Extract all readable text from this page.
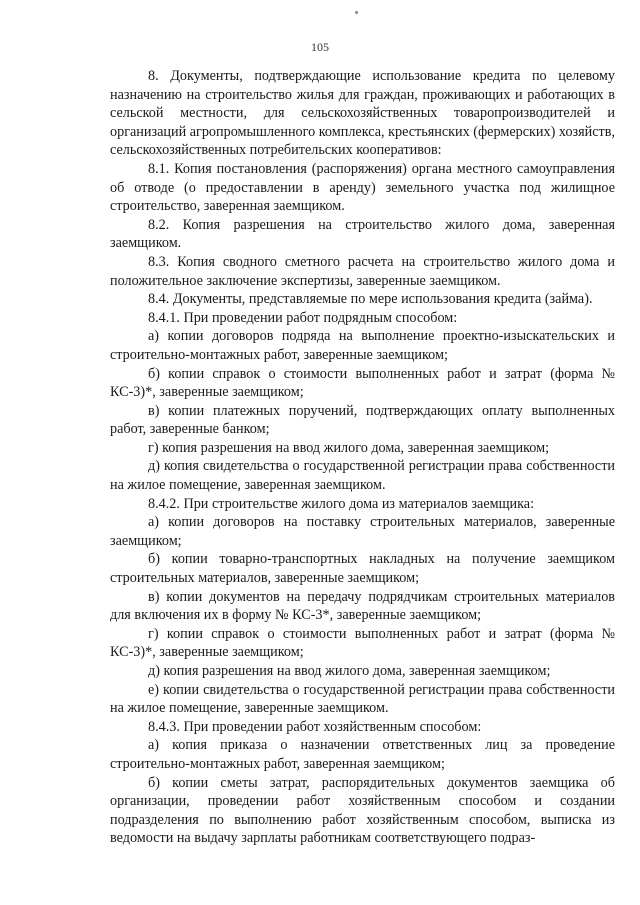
105

8. Документы, подтверждающие использование кредита по целевому назначению на строительство жилья для граждан, проживающих и работающих в сельской местности, для сельскохозяйственных товаропроизводителей и организаций агропромышленного комплекса, крестьянских (фермерских) хозяйств, сельскохозяйственных потребительских кооперативов:

8.1. Копия постановления (распоряжения) органа местного самоуправления об отводе (о предоставлении в аренду) земельного участка под жилищное строительство, заверенная заемщиком.

8.2. Копия разрешения на строительство жилого дома, заверенная заемщиком.

8.3. Копия сводного сметного расчета на строительство жилого дома и положительное заключение экспертизы, заверенные заемщиком.

8.4. Документы, представляемые по мере использования кредита (займа).

8.4.1. При проведении работ подрядным способом:

а) копии договоров подряда на выполнение проектно-изыскательских и строительно-монтажных работ, заверенные заемщиком;

б) копии справок о стоимости выполненных работ и затрат (форма № КС-3)*, заверенные заемщиком;

в) копии платежных поручений, подтверждающих оплату выполненных работ, заверенные банком;

г) копия разрешения на ввод жилого дома, заверенная заемщиком;

д) копия свидетельства о государственной регистрации права собственности на жилое помещение, заверенная заемщиком.

8.4.2. При строительстве жилого дома из материалов заемщика:

а) копии договоров на поставку строительных материалов, заверенные заемщиком;

б) копии товарно-транспортных накладных на получение заемщиком строительных материалов, заверенные заемщиком;

в) копии документов на передачу подрядчикам строительных материалов для включения их в форму № КС-3*, заверенные заемщиком;

г) копии справок о стоимости выполненных работ и затрат (форма № КС-3)*, заверенные заемщиком;

д) копия разрешения на ввод жилого дома, заверенная заемщиком;

е) копии свидетельства о государственной регистрации права собственности на жилое помещение, заверенные заемщиком.

8.4.3. При проведении работ хозяйственным способом:

а) копия приказа о назначении ответственных лиц за проведение строительно-монтажных работ, заверенная заемщиком;

б) копии сметы затрат, распорядительных документов заемщика об организации, проведении работ хозяйственным способом и создании подразделения по выполнению работ хозяйственным способом, выписка из ведомости на выдачу зарплаты работникам соответствующего подраз-
